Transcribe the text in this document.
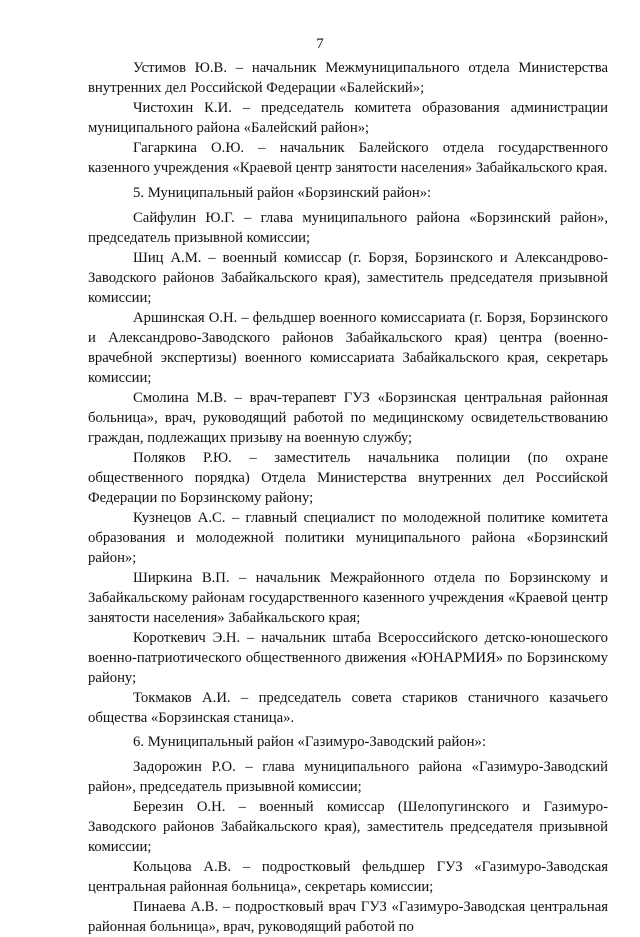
7

Устимов Ю.В. – начальник Межмуниципального отдела Министерства внутренних дел Российской Федерации «Балейский»;

Чистохин К.И. – председатель комитета образования администрации муниципального района «Балейский район»;

Гагаркина О.Ю. – начальник Балейского отдела государственного казенного учреждения «Краевой центр занятости населения» Забайкальского края.

5. Муниципальный район «Борзинский район»:

Сайфулин Ю.Г. – глава муниципального района «Борзинский район», председатель призывной комиссии;

Шиц А.М. – военный комиссар (г. Борзя, Борзинского и Александрово-Заводского районов Забайкальского края), заместитель председателя призывной комиссии;

Аршинская О.Н. – фельдшер военного комиссариата (г. Борзя, Борзинского и Александрово-Заводского районов Забайкальского края) центра (военно-врачебной экспертизы) военного комиссариата Забайкальского края, секретарь комиссии;

Смолина М.В. – врач-терапевт ГУЗ «Борзинская центральная районная больница», врач, руководящий работой по медицинскому освидетельствованию граждан, подлежащих призыву на военную службу;

Поляков Р.Ю. – заместитель начальника полиции (по охране общественного порядка) Отдела Министерства внутренних дел Российской Федерации по Борзинскому району;

Кузнецов А.С. – главный специалист по молодежной политике комитета образования и молодежной политики муниципального района «Борзинский район»;

Ширкина В.П. – начальник Межрайонного отдела по Борзинскому и Забайкальскому районам государственного казенного учреждения «Краевой центр занятости населения» Забайкальского края;

Короткевич Э.Н. – начальник штаба Всероссийского детско-юношеского военно-патриотического общественного движения «ЮНАРМИЯ» по Борзинскому району;

Токмаков А.И. – председатель совета стариков станичного казачьего общества «Борзинская станица».

6. Муниципальный район «Газимуро-Заводский район»:

Задорожин Р.О. – глава муниципального района «Газимуро-Заводский район», председатель призывной комиссии;

Березин О.Н. – военный комиссар (Шелопугинского и Газимуро-Заводского районов Забайкальского края), заместитель председателя призывной комиссии;

Кольцова А.В. – подростковый фельдшер ГУЗ «Газимуро-Заводская центральная районная больница», секретарь комиссии;

Пинаева А.В. – подростковый врач ГУЗ «Газимуро-Заводская центральная районная больница», врач, руководящий работой по
